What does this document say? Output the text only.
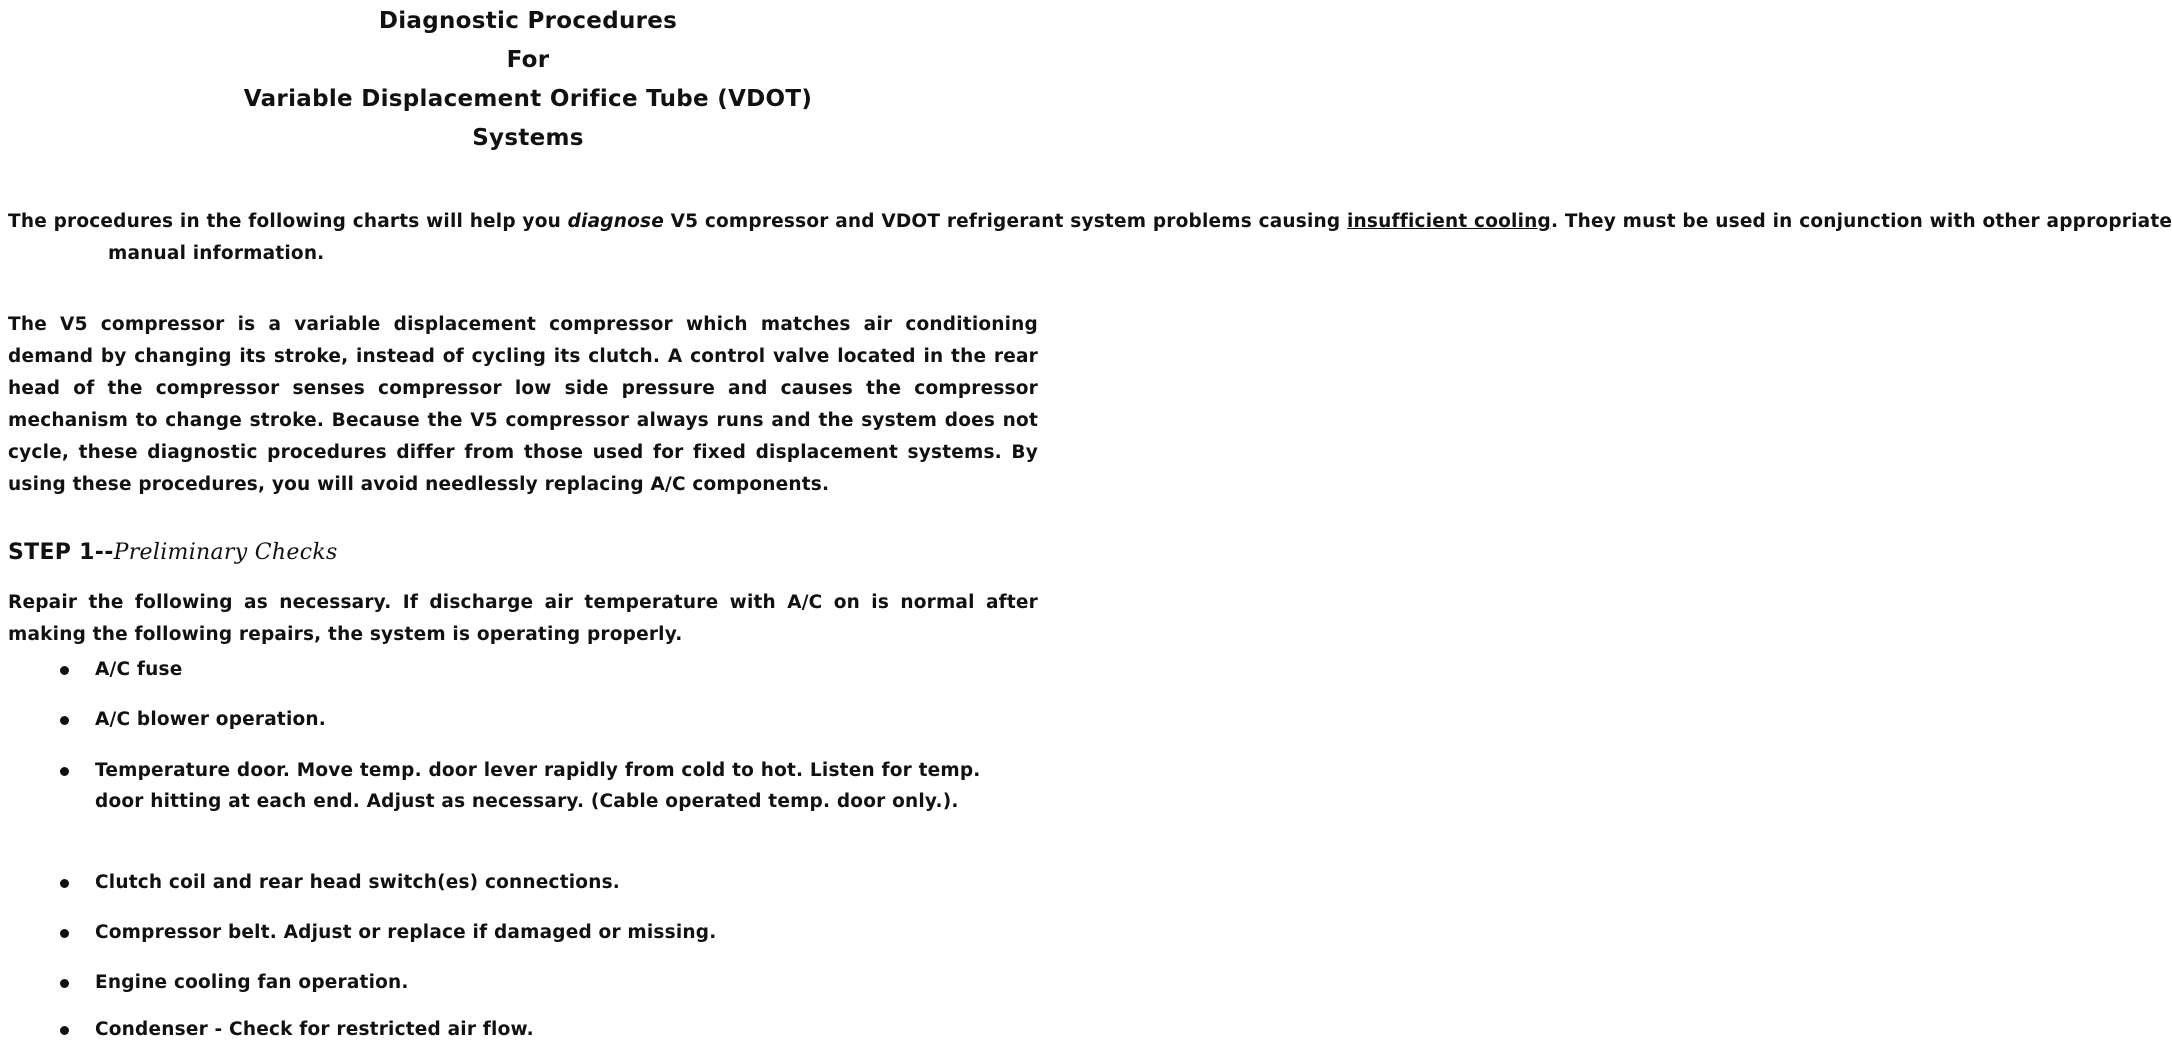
Diagnostic Procedures
For
Variable Displacement Orifice Tube (VDOT)
Systems
The procedures in the following charts will help you diagnose V5 compressor and VDOT refrigerant system problems causing insufficient cooling. They must be used in conjunction with other appropriatemanual information.
The V5 compressor is a variable displacement compressor which matches air conditioning demand by changing its stroke, instead of cycling its clutch. A control valve located in the rear head of the compressor senses compressor low side pressure and causes the compressor mechanism to change stroke. Because the V5 compressor always runs and the system does not cycle, these diagnostic procedures differ from those used for fixed displacement systems. By using these procedures, you will avoid needlessly replacing A/C components.
STEP 1--Preliminary Checks
Repair the following as necessary. If discharge air temperature with A/C on is normal after making the following repairs, the system is operating properly.
A/C fuse
A/C blower operation.
Temperature door. Move temp. door lever rapidly from cold to hot. Listen for temp. door hitting at each end. Adjust as necessary. (Cable operated temp. door only.).
Clutch coil and rear head switch(es) connections.
Compressor belt. Adjust or replace if damaged or missing.
Engine cooling fan operation.
Condenser - Check for restricted air flow.
